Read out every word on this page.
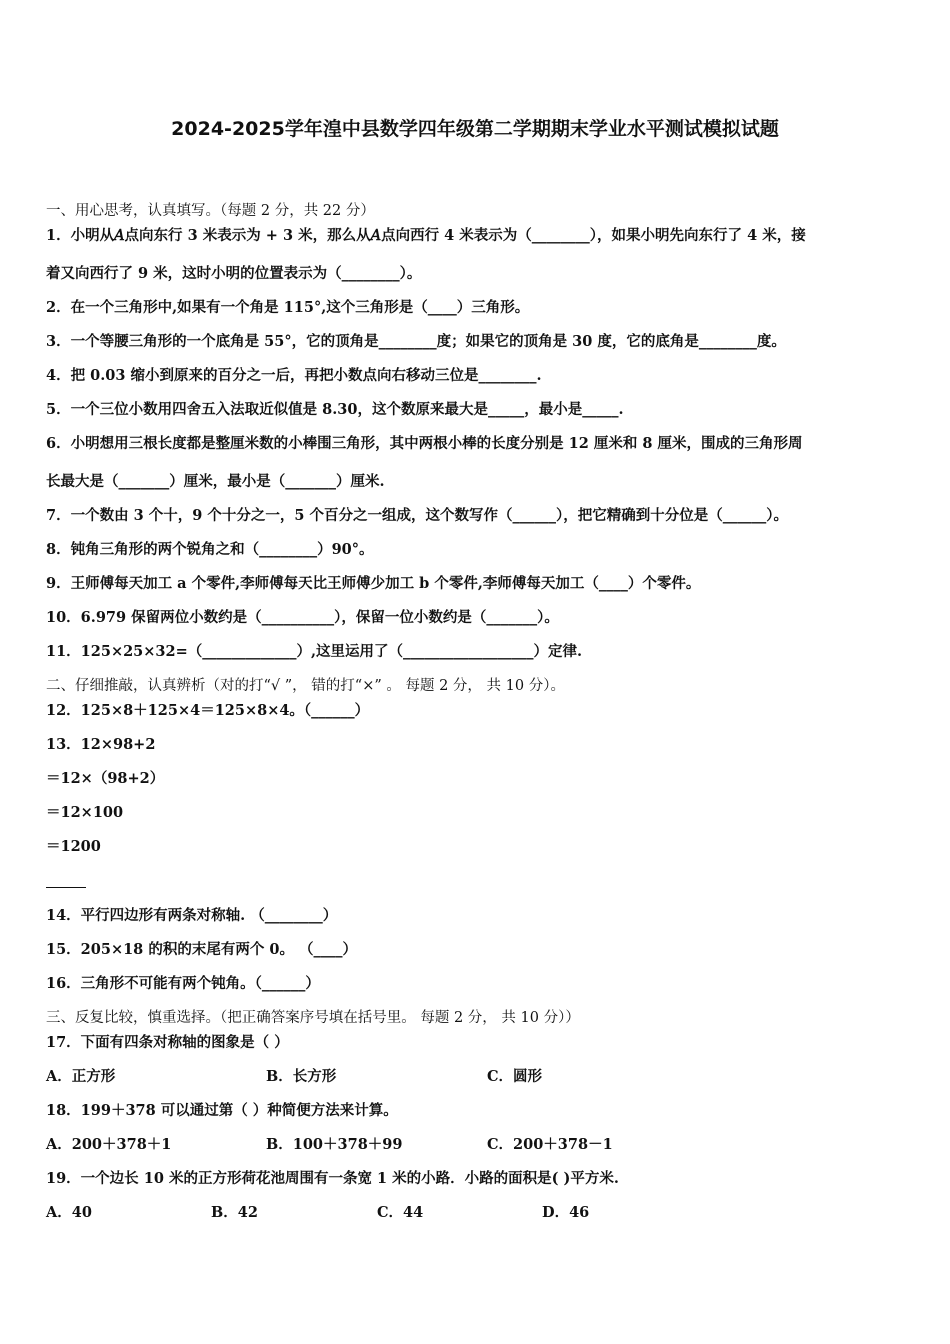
2024-2025学年湟中县数学四年级第二学期期末学业水平测试模拟试题
一、用心思考，认真填写。（每题 2 分，共 22 分）
1．小明从𝐴点向东行 3 米表示为 + 3 米，那么从𝐴点向西行 4 米表示为（________），如果小明先向东行了 4 米，接
着又向西行了 9 米，这时小明的位置表示为（________）。
2．在一个三角形中,如果有一个角是 115°,这个三角形是（____）三角形。
3．一个等腰三角形的一个底角是 55°，它的顶角是________度；如果它的顶角是 30 度，它的底角是________度。
4．把 0.03 缩小到原来的百分之一后，再把小数点向右移动三位是________.
5．一个三位小数用四舍五入法取近似值是 8.30，这个数原来最大是_____，最小是_____.
6．小明想用三根长度都是整厘米数的小棒围三角形，其中两根小棒的长度分别是 12 厘米和 8 厘米，围成的三角形周
长最大是（_______）厘米，最小是（_______）厘米.
7．一个数由 3 个十，9 个十分之一，5 个百分之一组成，这个数写作（______），把它精确到十分位是（______）。
8．钝角三角形的两个锐角之和（________）90°。
9．王师傅每天加工 a 个零件,李师傅每天比王师傅少加工 b 个零件,李师傅每天加工（____）个零件。
10．6.979 保留两位小数约是（__________），保留一位小数约是（_______）。
11．125×25×32=（_____________）,这里运用了（__________________）定律.
二、仔细推敲，认真辨析（对的打“√ ”， 错的打“×” 。 每题 2 分， 共 10 分）。
12．125×8＋125×4＝125×8×4。（______）
13．12×98+2
＝12×（98+2）
＝12×100
＝1200
14．平行四边形有两条对称轴. （________）
15．205×18 的积的末尾有两个 0。 （____）
16．三角形不可能有两个钝角。（______）
三、反复比较，慎重选择。（把正确答案序号填在括号里。 每题 2 分， 共 10 分））
17．下面有四条对称轴的图象是（ ）
A．正方形	B．长方形	C．圆形
18．199＋378 可以通过第（ ）种简便方法来计算。
A．200＋378＋1	B．100＋378＋99	C．200＋378－1
19．一个边长 10 米的正方形荷花池周围有一条宽 1 米的小路．小路的面积是( )平方米.
A．40	B．42	C．44	D．46
